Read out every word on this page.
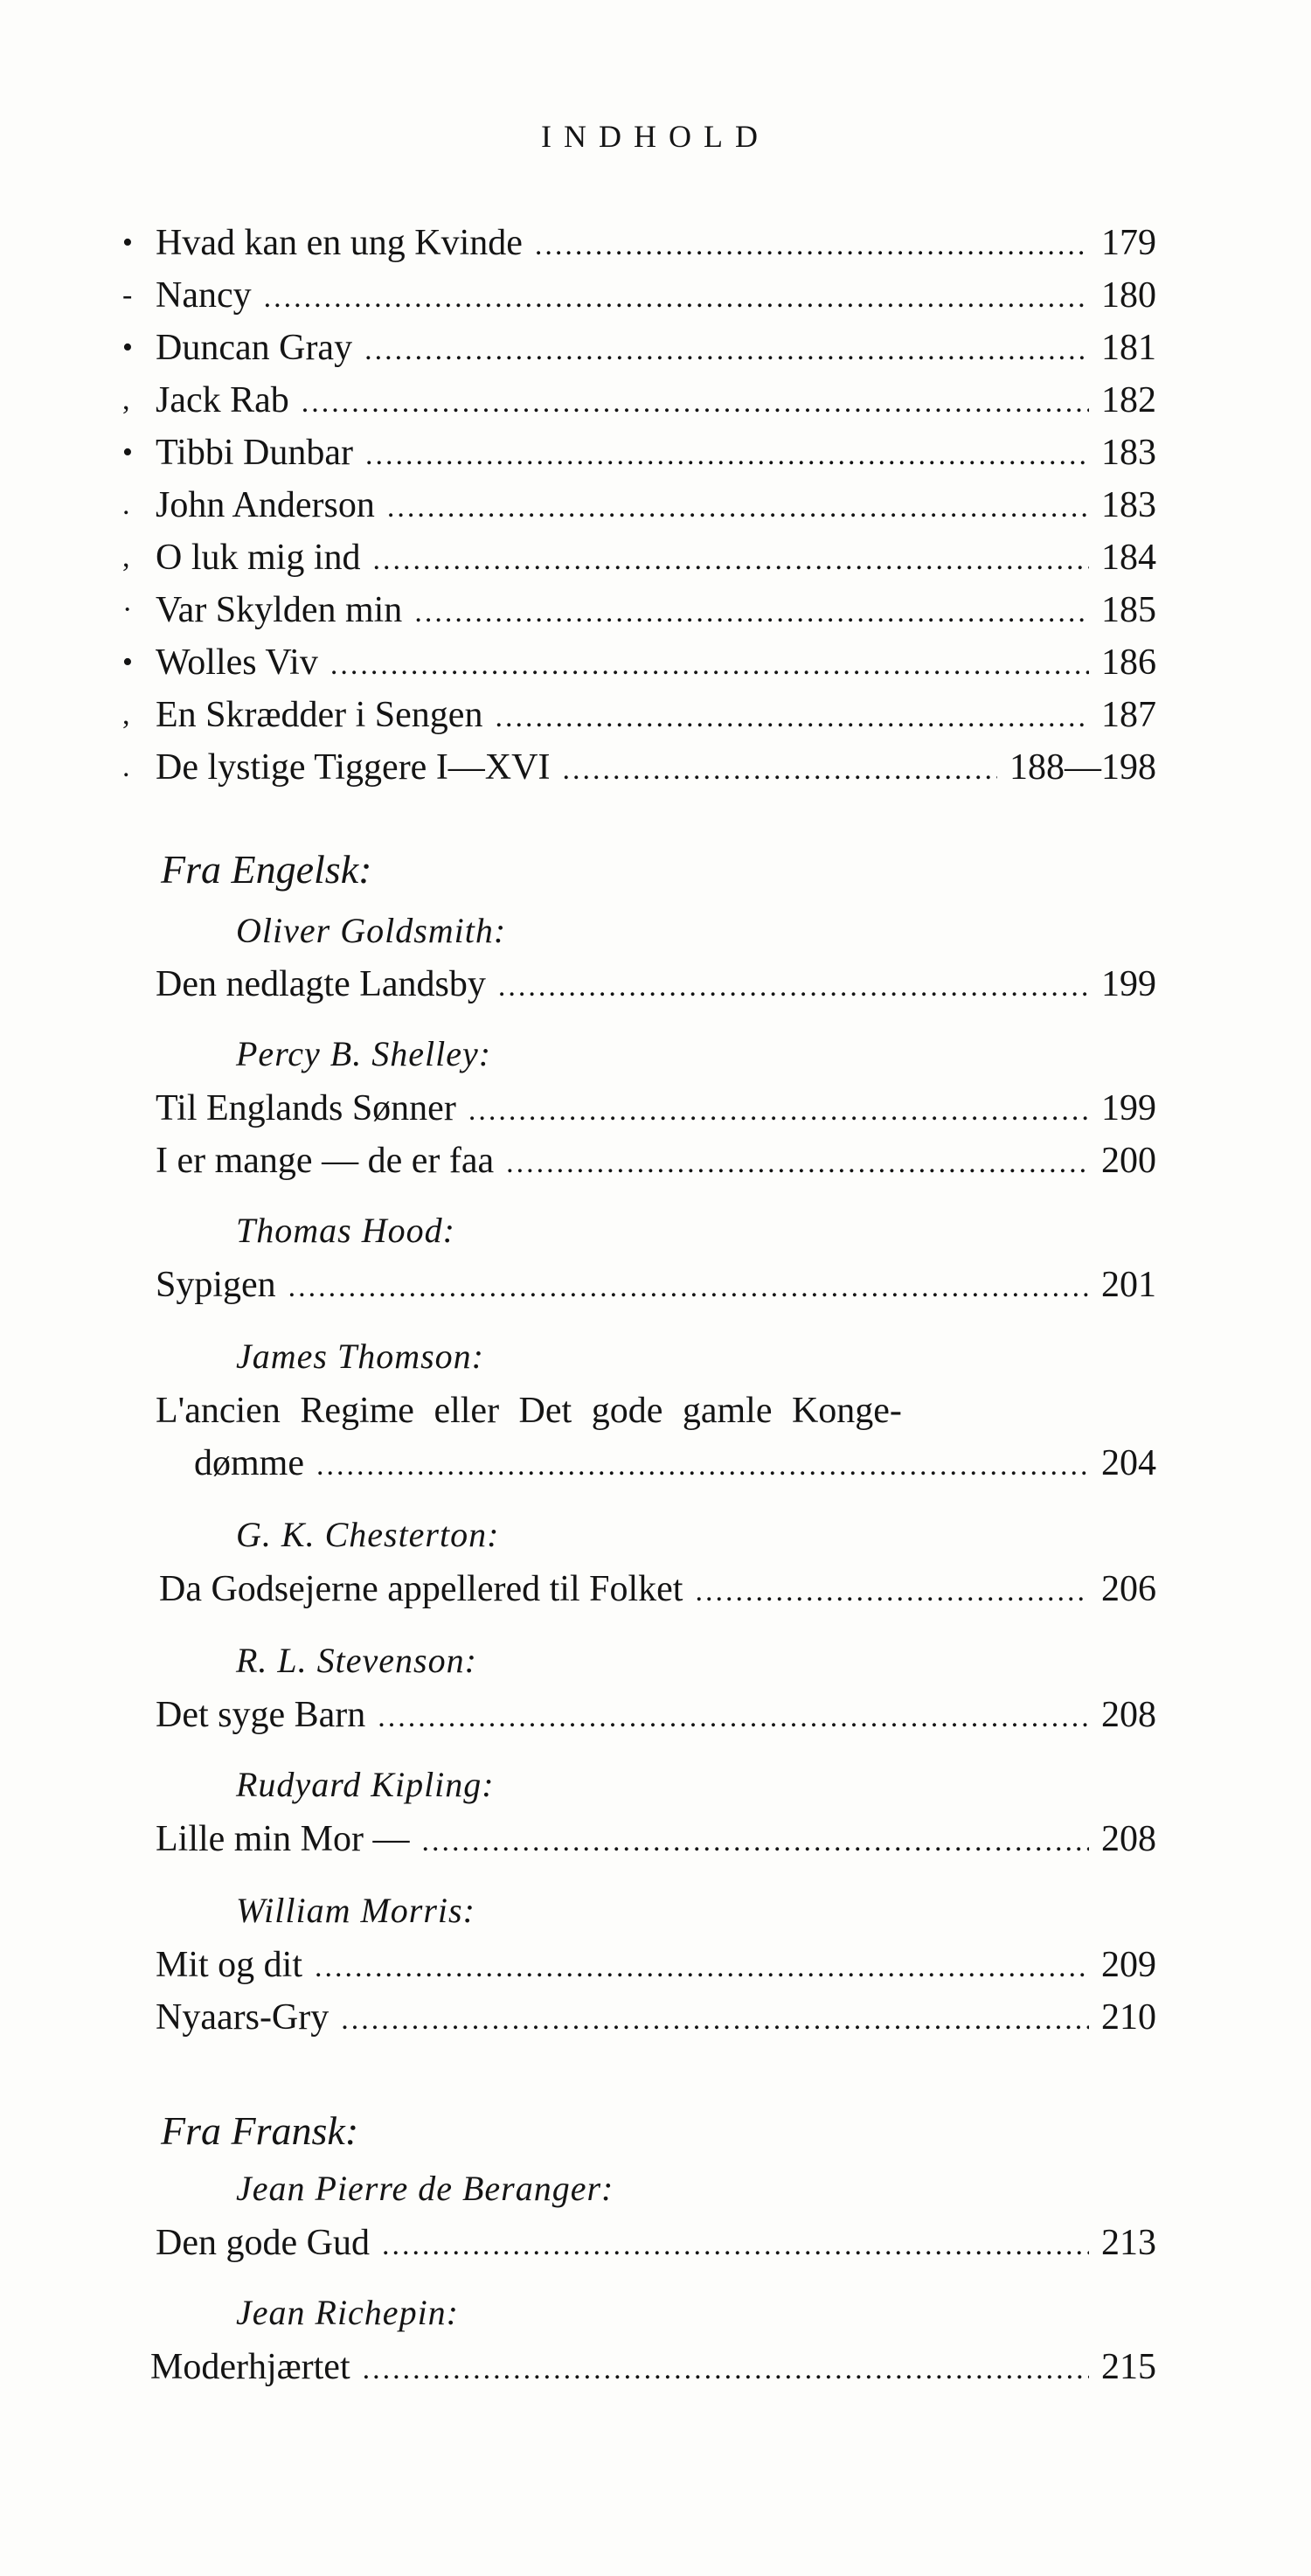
INDHOLD
• Hvad kan en ung Kvinde .....	179
- Nancy .....	180
• Duncan Gray .....	181
, Jack Rab .....	182
• Tibbi Dunbar .....	183
. John Anderson .....	183
, O luk mig ind .....	184
· Var Skylden min .....	185
• Wolles Viv .....	186
, En Skrædder i Sengen .....	187
. De lystige Tiggere I—XVI .....	188—198
Fra Engelsk:
Oliver Goldsmith:
Den nedlagte Landsby .....	199
Percy B. Shelley:
Til Englands Sønner .....	199
I er mange — de er faa .....	200
Thomas Hood:
Sypigen .....	201
James Thomson:
L'ancien Regime eller Det gode gamle Konge-
dømme .....	204
G. K. Chesterton:
Da Godsejerne appellered til Folket .....	206
R. L. Stevenson:
Det syge Barn .....	208
Rudyard Kipling:
Lille min Mor — .....	208
William Morris:
Mit og dit .....	209
Nyaars-Gry .....	210
Fra Fransk:
Jean Pierre de Beranger:
Den gode Gud .....	213
Jean Richepin:
Moderhjærtet .....	215
